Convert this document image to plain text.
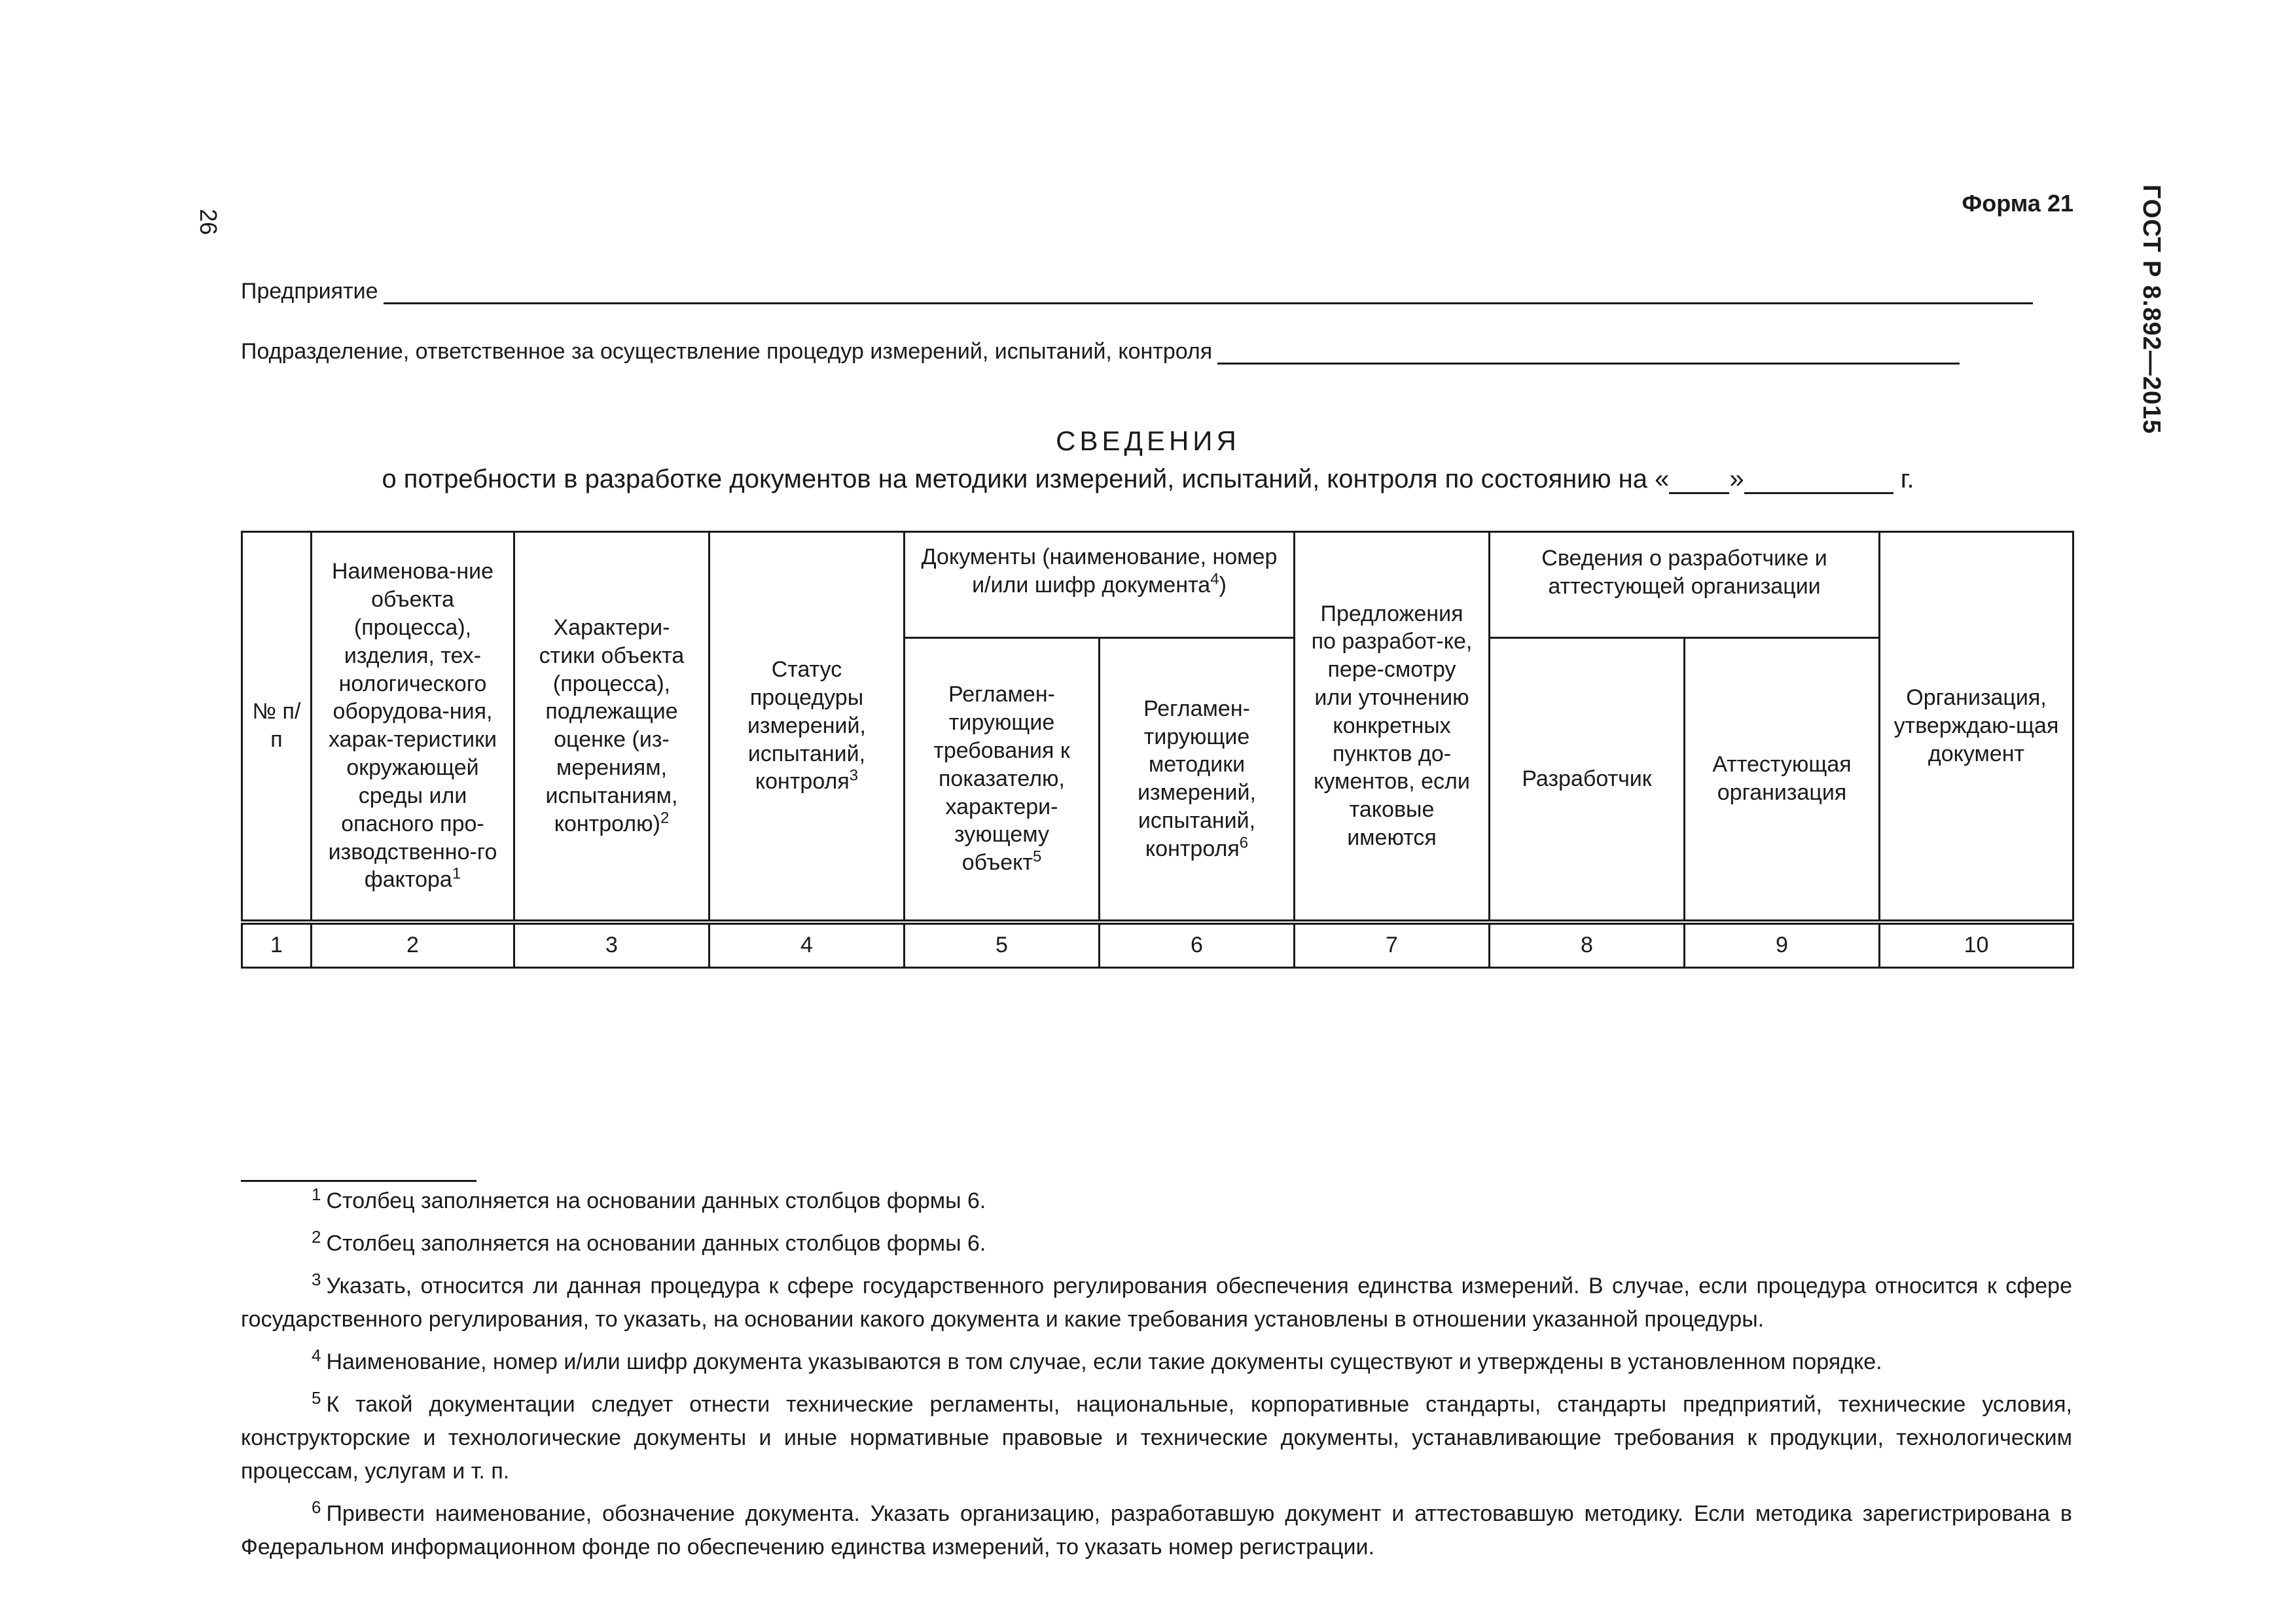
26	ГОСТ Р 8.892—2015
Форма 21
Предприятие
Подразделение, ответственное за осуществление процедур измерений, испытаний, контроля
СВЕДЕНИЯ
о потребности в разработке документов на методики измерений, испытаний, контроля по состоянию на « »	г.
№ п/п	Наименова-ние объекта (процесса), изделия, тех-нологического оборудова-ния, харак-теристики окружающей среды или опасного про-изводственно-го фактора$^1$	Характери-стики объекта (процесса), подлежащие оценке (из-мерениям, испытаниям, контролю)$^2$	Статус процедуры измерений, испытаний, контроля$^3$	Документы (наименование, номер и/или шифр документа$^4$)		Предложения по разработ-ке, пере-смотру или уточнению конкретных пунктов до-кументов, если таковые имеются	Сведения о разработчике и аттестующей организации		Организация, утверждаю-щая документ
				Регламен-тирующие требования к показателю, характери-зующему объект$^5$	Регламен-тирующие методики измерений, испытаний, контроля$^6$		Разработчик	Аттестующая организация	
1	2	3	4	5	6	7	8	9	10
$^1$ Столбец заполняется на основании данных столбцов формы 6.
$^2$ Столбец заполняется на основании данных столбцов формы 6.
$^3$ Указать, относится ли данная процедура к сфере государственного регулирования обеспечения единства измерений. В случае, если процедура относится к сфере государственного регулирования, то указать, на основании какого документа и какие требования установлены в отношении указанной процедуры.
$^4$ Наименование, номер и/или шифр документа указываются в том случае, если такие документы существуют и утверждены в установленном порядке.
$^5$ К такой документации следует отнести технические регламенты, национальные, корпоративные стандарты, стандарты предприятий, технические условия, конструкторские и технологические документы и иные нормативные правовые и технические документы, устанавливающие требования к продукции, технологическим процессам, услугам и т. п.
$^6$ Привести наименование, обозначение документа. Указать организацию, разработавшую документ и аттестовавшую методику. Если методика зарегистрирована в Федеральном информационном фонде по обеспечению единства измерений, то указать номер регистрации.
